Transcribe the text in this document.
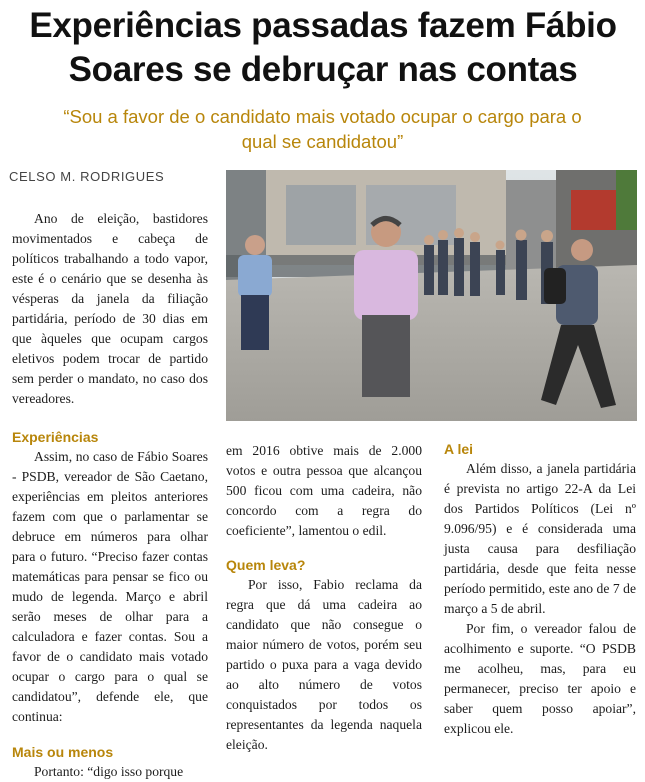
Experiências passadas fazem Fábio Soares se debruçar nas contas
“Sou a favor de o candidato mais votado ocupar o cargo para o qual se candidatou”
CELSO M. RODRIGUES

Ano de eleição, bastidores movimentados e cabeça de políticos trabalhando a todo vapor, este é o cenário que se desenha às vésperas da janela da filiação partidária, período de 30 dias em que àqueles que ocupam cargos eletivos podem trocar de partido sem perder o mandato, no caso dos vereadores.

Experiências

Assim, no caso de Fábio Soares - PSDB, vereador de São Caetano, experiências em pleitos anteriores fazem com que o parlamentar se debruce em números para olhar para o futuro. “Preciso fazer contas matemáticas para pensar se fico ou mudo de legenda. Março e abril serão meses de olhar para a calculadora e fazer contas. Sou a favor de o candidato mais votado ocupar o cargo para o qual se candidatou”, defende ele, que continua:

Mais ou menos

Portanto: “digo isso porque

em 2016 obtive mais de 2.000 votos e outra pessoa que alcançou 500 ficou com uma cadeira, não concordo com a regra do coeficiente”, lamentou o edil.

Quem leva?

Por isso, Fabio reclama da regra que dá uma cadeira ao candidato que não consegue o maior número de votos, porém seu partido o puxa para a vaga devido ao alto número de votos conquistados por todos os representantes da legenda naquela eleição.

A lei

Além disso, a janela partidária é prevista no artigo 22-A da Lei dos Partidos Políticos (Lei nº 9.096/95) e é considerada uma justa causa para desfiliação partidária, desde que feita nesse período permitido, este ano de 7 de março a 5 de abril.

Por fim, o vereador falou de acolhimento e suporte. “O PSDB me acolheu, mas, para eu permanecer, preciso ter apoio e saber quem posso apoiar”, explicou ele.
